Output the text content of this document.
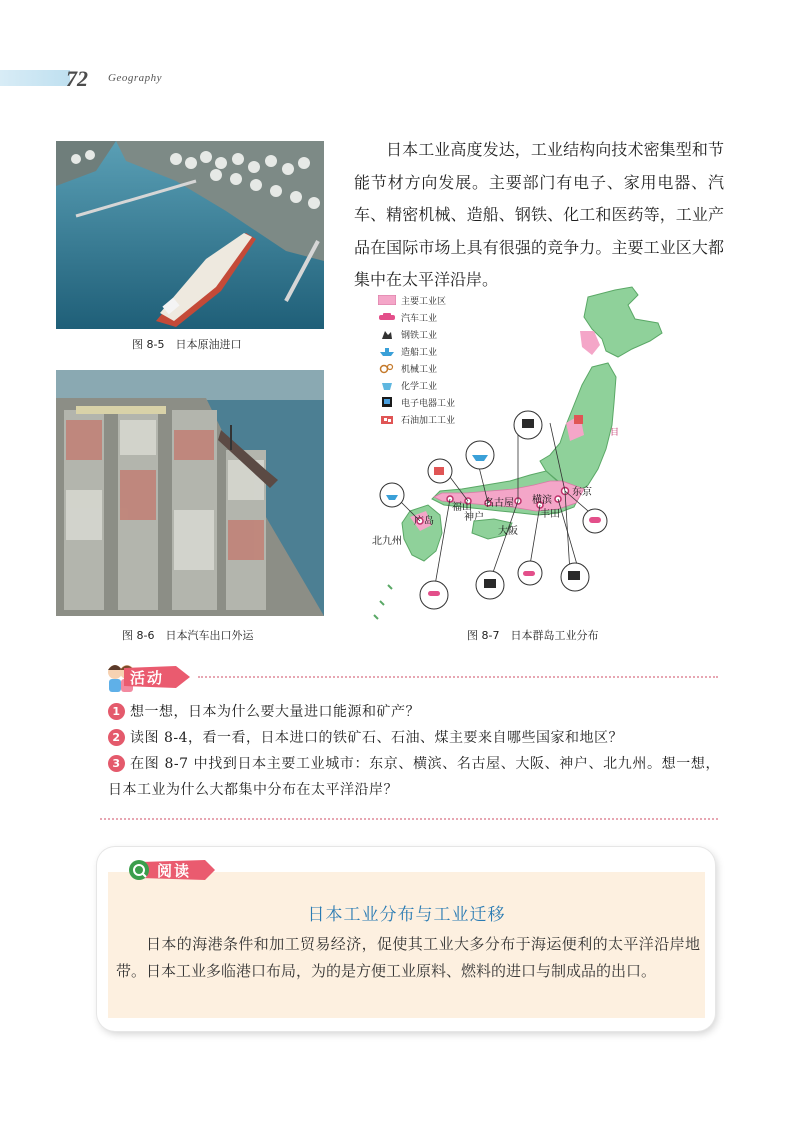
72 Geography
图 8-5　日本原油进口
图 8-6　日本汽车出口外运
日本工业高度发达，工业结构向技术密集型和节能节材方向发展。主要部门有电子、家用电器、汽车、精密机械、造船、钢铁、化工和医药等，工业产品在国际市场上具有很强的竞争力。主要工业区大都集中在太平洋沿岸。
目
主要工业区
汽车工业
钢铁工业
造船工业
机械工业
化学工业
电子电器工业
石油加工工业
东京
横滨
名古屋
丰田
大阪
神户
福山
广岛
北九州
图 8-7　日本群岛工业分布
活动
1 想一想，日本为什么要大量进口能源和矿产？
2 读图 8-4，看一看，日本进口的铁矿石、石油、煤主要来自哪些国家和地区？
3 在图 8-7 中找到日本主要工业城市：东京、横滨、名古屋、大阪、神户、北九州。想一想，日本工业为什么大都集中分布在太平洋沿岸？
阅读
日本工业分布与工业迁移
日本的海港条件和加工贸易经济，促使其工业大多分布于海运便利的太平洋沿岸地带。日本工业多临港口布局，为的是方便工业原料、燃料的进口与制成品的出口。
